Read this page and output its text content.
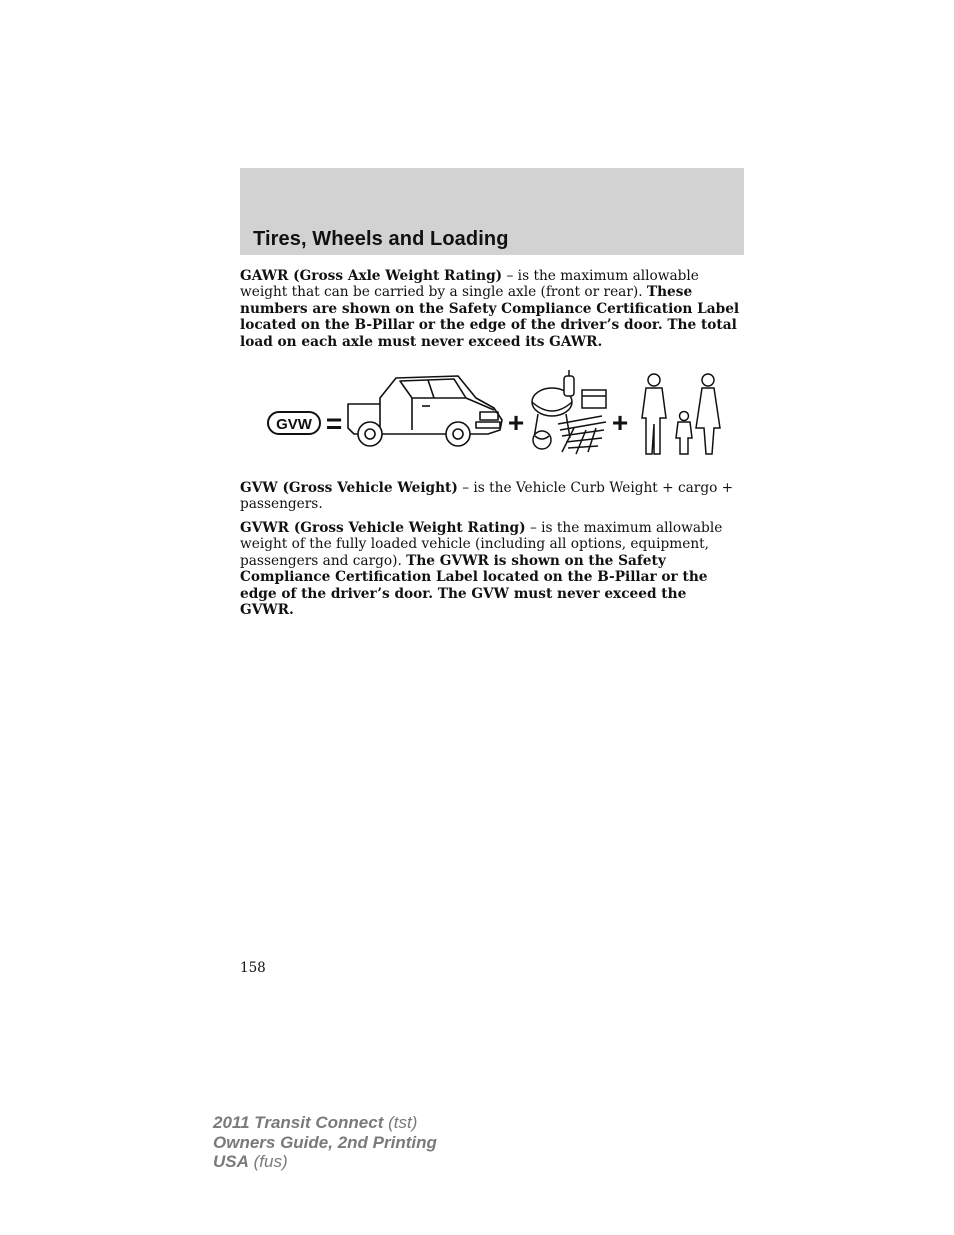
Tires, Wheels and Loading

GAWR (Gross Axle Weight Rating) – is the maximum allowable weight that can be carried by a single axle (front or rear). These numbers are shown on the Safety Compliance Certification Label located on the B-Pillar or the edge of the driver’s door. The total load on each axle must never exceed its GAWR.

GVW =	+	+

GVW (Gross Vehicle Weight) – is the Vehicle Curb Weight + cargo + passengers.

GVWR (Gross Vehicle Weight Rating) – is the maximum allowable weight of the fully loaded vehicle (including all options, equipment, passengers and cargo). The GVWR is shown on the Safety Compliance Certification Label located on the B-Pillar or the edge of the driver’s door. The GVW must never exceed the GVWR.

158
2011 Transit Connect (tst)
Owners Guide, 2nd Printing
USA (fus)
